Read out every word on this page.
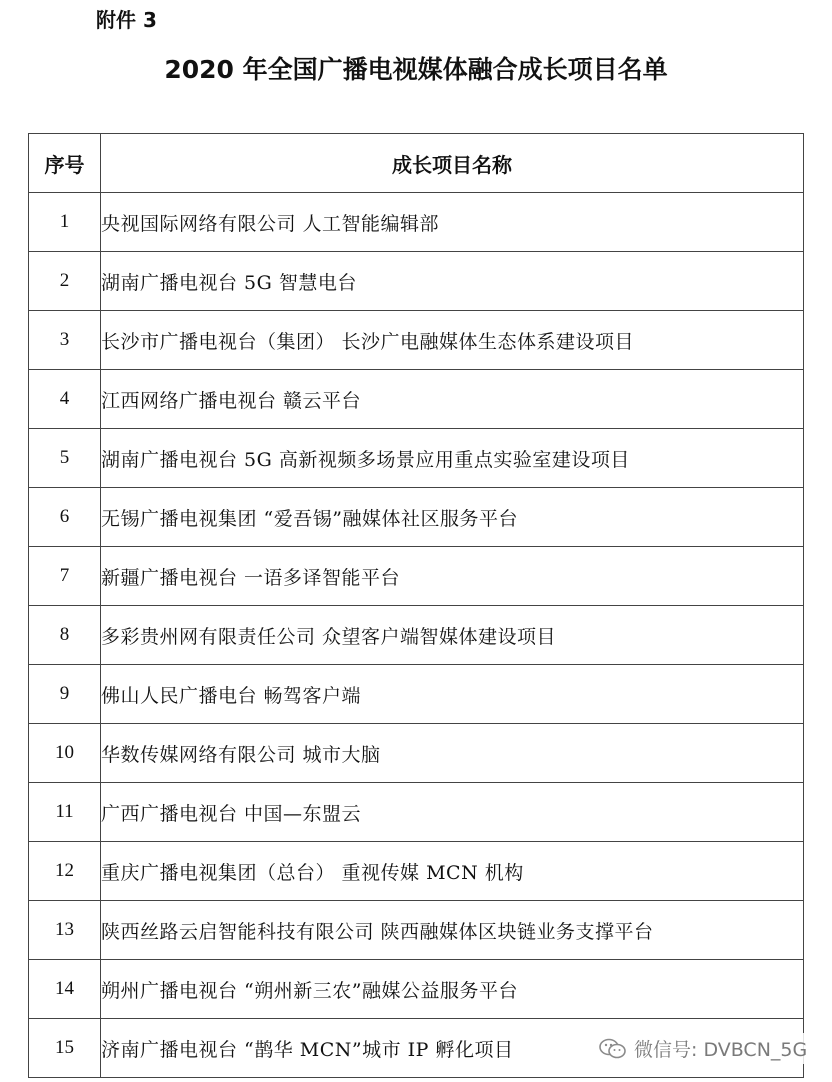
附件 3
2020 年全国广播电视媒体融合成长项目名单
序号	成长项目名称
1	央视国际网络有限公司 人工智能编辑部
2	湖南广播电视台 5G 智慧电台
3	长沙市广播电视台（集团） 长沙广电融媒体生态体系建设项目
4	江西网络广播电视台 赣云平台
5	湖南广播电视台 5G 高新视频多场景应用重点实验室建设项目
6	无锡广播电视集团 “爱吾锡”融媒体社区服务平台
7	新疆广播电视台 一语多译智能平台
8	多彩贵州网有限责任公司 众望客户端智媒体建设项目
9	佛山人民广播电台 畅驾客户端
10	华数传媒网络有限公司 城市大脑
11	广西广播电视台 中国—东盟云
12	重庆广播电视集团（总台） 重视传媒 MCN 机构
13	陕西丝路云启智能科技有限公司 陕西融媒体区块链业务支撑平台
14	朔州广播电视台 “朔州新三农”融媒公益服务平台
15	济南广播电视台 “鹊华 MCN”城市 IP 孵化项目	微信号: DVBCN_5G
